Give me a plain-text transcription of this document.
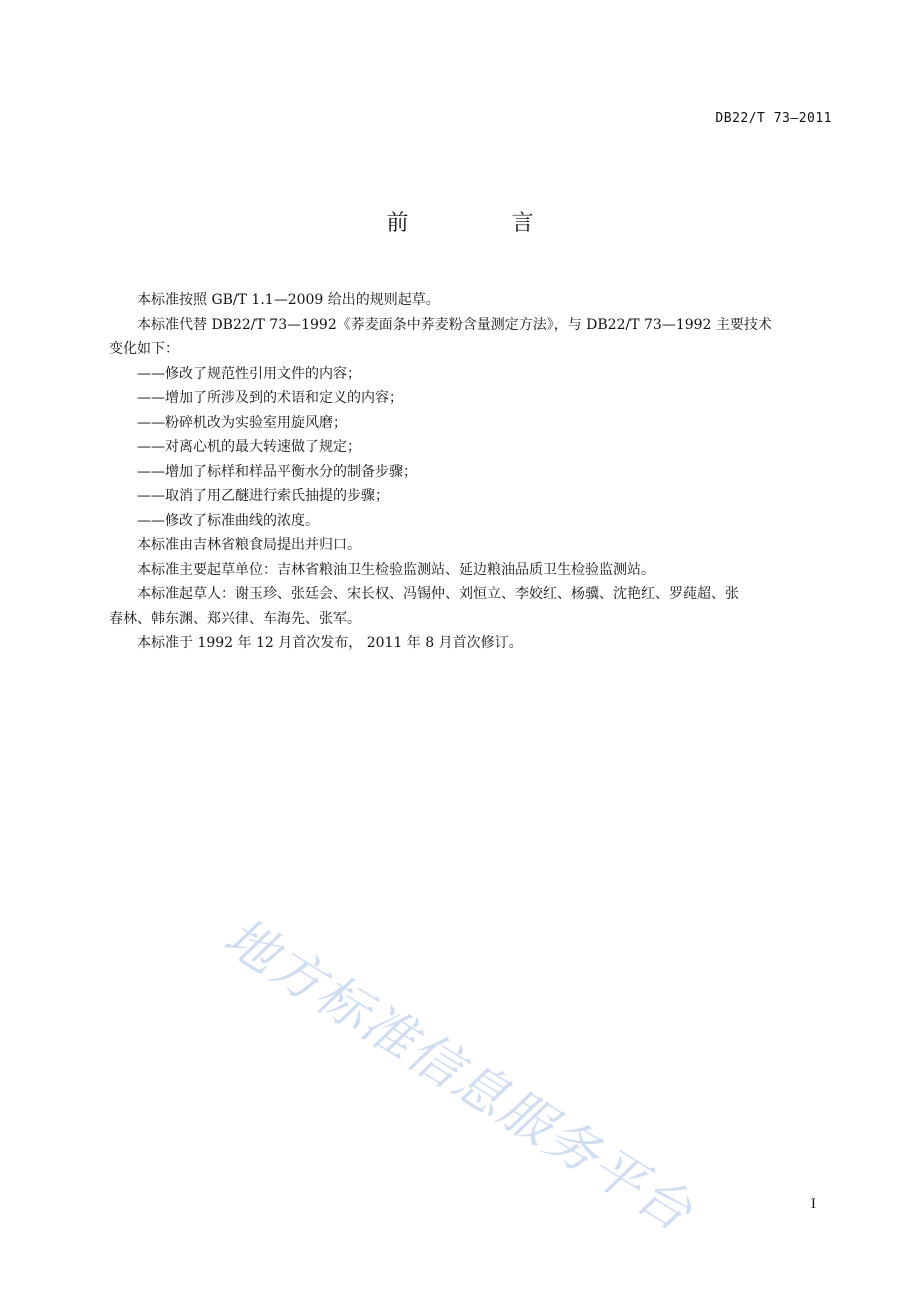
DB22/T 73—2011
前 言

本标准按照 GB/T 1.1—2009 给出的规则起草。

本标准代替 DB22/T 73—1992《荞麦面条中荞麦粉含量测定方法》，与 DB22/T 73—1992 主要技术

变化如下：

——修改了规范性引用文件的内容；

——增加了所涉及到的术语和定义的内容；

——粉碎机改为实验室用旋风磨；

——对离心机的最大转速做了规定；

——增加了标样和样品平衡水分的制备步骤；

——取消了用乙醚进行索氏抽提的步骤；

——修改了标准曲线的浓度。

本标准由吉林省粮食局提出并归口。

本标准主要起草单位：吉林省粮油卫生检验监测站、延边粮油品质卫生检验监测站。

本标准起草人：谢玉珍、张廷会、宋长权、冯锡仲、刘恒立、李姣红、杨骥、沈艳红、罗莼超、张

春林、韩东渊、郑兴律、车海先、张军。

本标准于 1992 年 12 月首次发布， 2011 年 8 月首次修订。

地方标准信息服务平台	I
